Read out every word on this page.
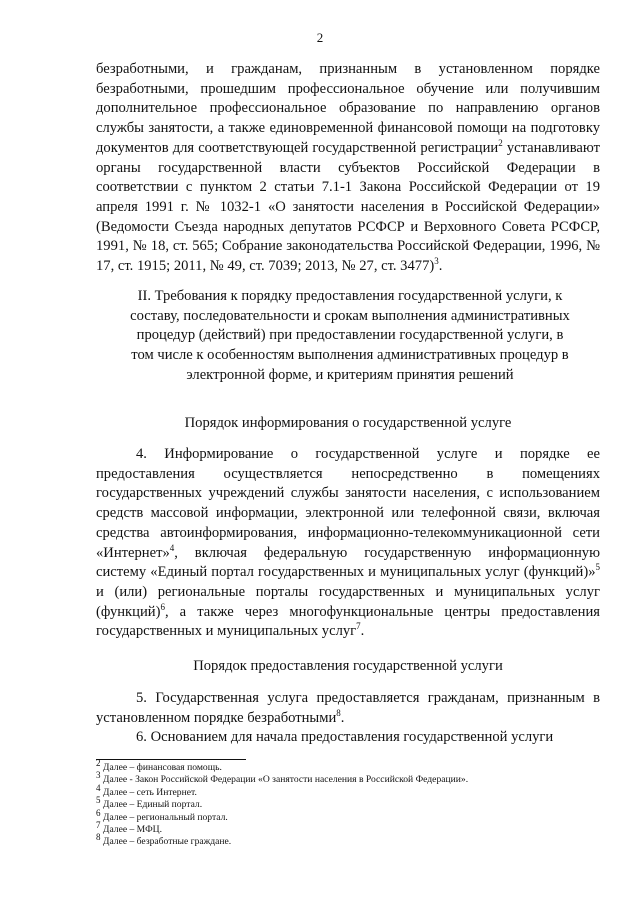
2

безработными, и гражданам, признанным в установленном порядке безработными, прошедшим профессиональное обучение или получившим дополнительное профессиональное образование по направлению органов службы занятости, а также единовременной финансовой помощи на подготовку документов для соответствующей государственной регистрации$^2$ устанавливают органы государственной власти субъектов Российской Федерации в соответствии с пунктом 2 статьи 7.1-1 Закона Российской Федерации от 19 апреля 1991 г. № 1032-1 «О занятости населения в Российской Федерации» (Ведомости Съезда народных депутатов РСФСР и Верховного Совета РСФСР, 1991, № 18, ст. 565; Собрание законодательства Российской Федерации, 1996, № 17, ст. 1915; 2011, № 49, ст. 7039; 2013, № 27, ст. 3477)$^3$.

II. Требования к порядку предоставления государственной услуги, к составу, последовательности и срокам выполнения административных процедур (действий) при предоставлении государственной услуги, в том числе к особенностям выполнения административных процедур в электронной форме, и критериям принятия решений
Порядок информирования о государственной услуге

4. Информирование о государственной услуге и порядке ее предоставления осуществляется непосредственно в помещениях государственных учреждений службы занятости населения, с использованием средств массовой информации, электронной или телефонной связи, включая средства автоинформирования, информационно-телекоммуникационной сети «Интернет»$^4$, включая федеральную государственную информационную систему «Единый портал государственных и муниципальных услуг (функций)»$^5$ и (или) региональные порталы государственных и муниципальных услуг (функций)$^6$, а также через многофункциональные центры предоставления государственных и муниципальных услуг$^7$.

Порядок предоставления государственной услуги

5. Государственная услуга предоставляется гражданам, признанным в установленном порядке безработными$^8$.

6. Основанием для начала предоставления государственной услуги

$^2$ Далее – финансовая помощь.

$^3$ Далее - Закон Российской Федерации «О занятости населения в Российской Федерации».

$^4$ Далее – сеть Интернет.

$^5$ Далее – Единый портал.

$^6$ Далее – региональный портал.

$^7$ Далее – МФЦ.

$^8$ Далее – безработные граждане.
